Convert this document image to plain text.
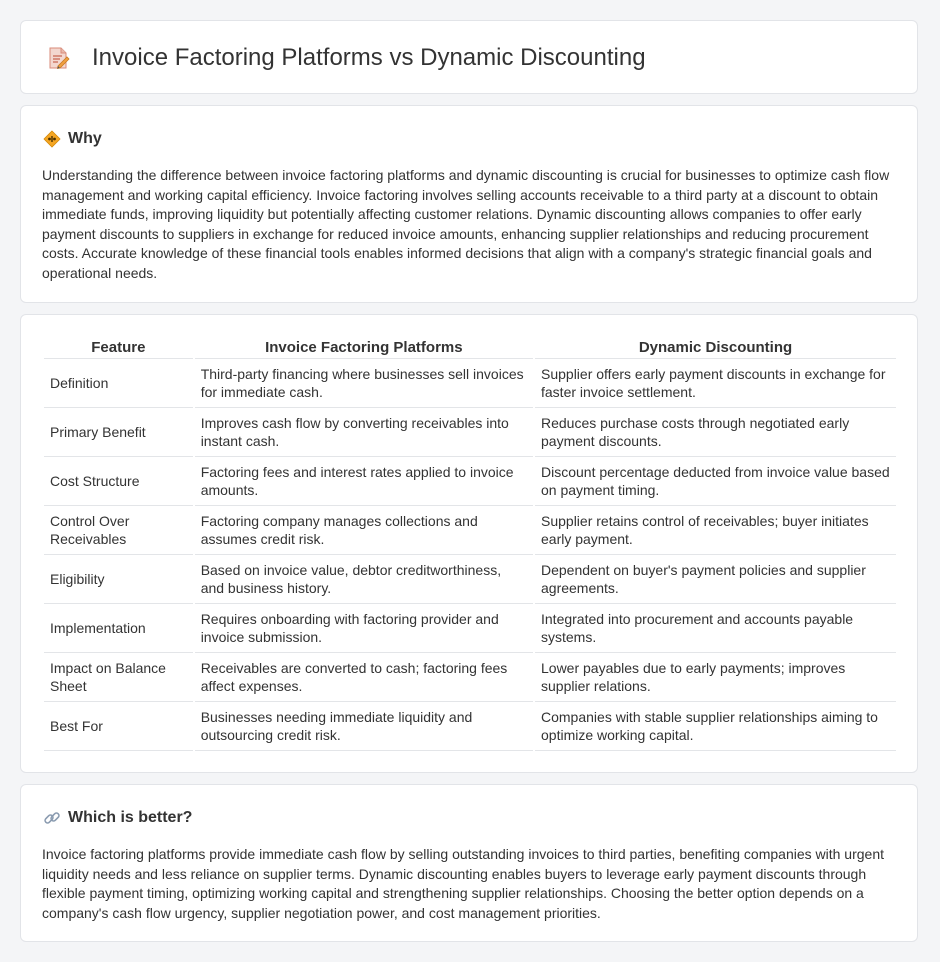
Invoice Factoring Platforms vs Dynamic Discounting
Why

Understanding the difference between invoice factoring platforms and dynamic discounting is crucial for businesses to optimize cash flow management and working capital efficiency. Invoice factoring involves selling accounts receivable to a third party at a discount to obtain immediate funds, improving liquidity but potentially affecting customer relations. Dynamic discounting allows companies to offer early payment discounts to suppliers in exchange for reduced invoice amounts, enhancing supplier relationships and reducing procurement costs. Accurate knowledge of these financial tools enables informed decisions that align with a company's strategic financial goals and operational needs.

Feature	Invoice Factoring Platforms	Dynamic Discounting
Definition	Third-party financing where businesses sell invoices for immediate cash.	Supplier offers early payment discounts in exchange for faster invoice settlement.
Primary Benefit	Improves cash flow by converting receivables into instant cash.	Reduces purchase costs through negotiated early payment discounts.
Cost Structure	Factoring fees and interest rates applied to invoice amounts.	Discount percentage deducted from invoice value based on payment timing.
Control Over Receivables	Factoring company manages collections and assumes credit risk.	Supplier retains control of receivables; buyer initiates early payment.
Eligibility	Based on invoice value, debtor creditworthiness, and business history.	Dependent on buyer's payment policies and supplier agreements.
Implementation	Requires onboarding with factoring provider and invoice submission.	Integrated into procurement and accounts payable systems.
Impact on Balance Sheet	Receivables are converted to cash; factoring fees affect expenses.	Lower payables due to early payments; improves supplier relations.
Best For	Businesses needing immediate liquidity and outsourcing credit risk.	Companies with stable supplier relationships aiming to optimize working capital.
Which is better?

Invoice factoring platforms provide immediate cash flow by selling outstanding invoices to third parties, benefiting companies with urgent liquidity needs and less reliance on supplier terms. Dynamic discounting enables buyers to leverage early payment discounts through flexible payment timing, optimizing working capital and strengthening supplier relationships. Choosing the better option depends on a company's cash flow urgency, supplier negotiation power, and cost management priorities.
